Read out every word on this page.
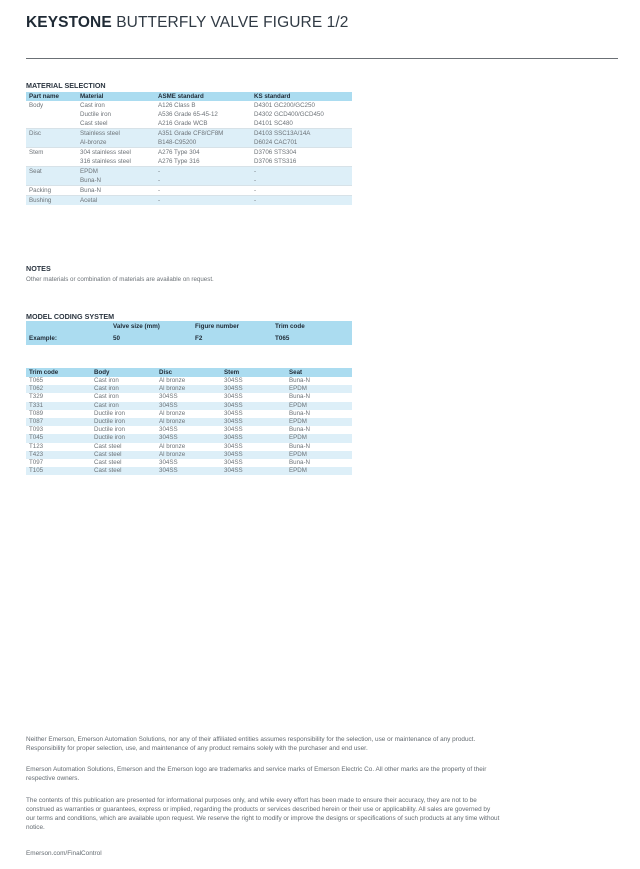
KEYSTONE BUTTERFLY VALVE FIGURE 1/2
MATERIAL SELECTION
Part name	Material	ASME standard	KS standard
Body	Cast iron	A126 Class B	D4301 GC200/GC250
	Ductile iron	A536 Grade 65-45-12	D4302 GCD400/GCD450
	Cast steel	A216 Grade WCB	D4101 SC480
Disc	Stainless steel	A351 Grade CF8/CF8M	D4103 SSC13A/14A
	Al-bronze	B148-C95200	D6024 CAC701
Stem	304 stainless steel	A276 Type 304	D3706 STS304
	316 stainless steel	A276 Type 316	D3706 STS316
Seat	EPDM	-	-
	Buna-N	-	-
Packing	Buna-N	-	-
Bushing	Acetal	-	-
NOTES
Other materials or combination of materials are available on request.
MODEL CODING SYSTEM
	Valve size (mm)	Figure number	Trim code
Example:	50	F2	T065
Trim code	Body	Disc	Stem	Seat
T065	Cast iron	Al bronze	304SS	Buna-N
T062	Cast iron	Al bronze	304SS	EPDM
T329	Cast iron	304SS	304SS	Buna-N
T331	Cast iron	304SS	304SS	EPDM
T089	Ductile iron	Al bronze	304SS	Buna-N
T087	Ductile iron	Al bronze	304SS	EPDM
T093	Ductile iron	304SS	304SS	Buna-N
T045	Ductile iron	304SS	304SS	EPDM
T123	Cast steel	Al bronze	304SS	Buna-N
T423	Cast steel	Al bronze	304SS	EPDM
T097	Cast steel	304SS	304SS	Buna-N
T105	Cast steel	304SS	304SS	EPDM
Neither Emerson, Emerson Automation Solutions, nor any of their affiliated entities assumes responsibility for the selection, use or maintenance of any product.
Responsibility for proper selection, use, and maintenance of any product remains solely with the purchaser and end user.
Emerson Automation Solutions, Emerson and the Emerson logo are trademarks and service marks of Emerson Electric Co. All other marks are the property of their
respective owners.
The contents of this publication are presented for informational purposes only, and while every effort has been made to ensure their accuracy, they are not to be
construed as warranties or guarantees, express or implied, regarding the products or services described herein or their use or applicability. All sales are governed by
our terms and conditions, which are available upon request. We reserve the right to modify or improve the designs or specifications of such products at any time without
notice.
Emerson.com/FinalControl
